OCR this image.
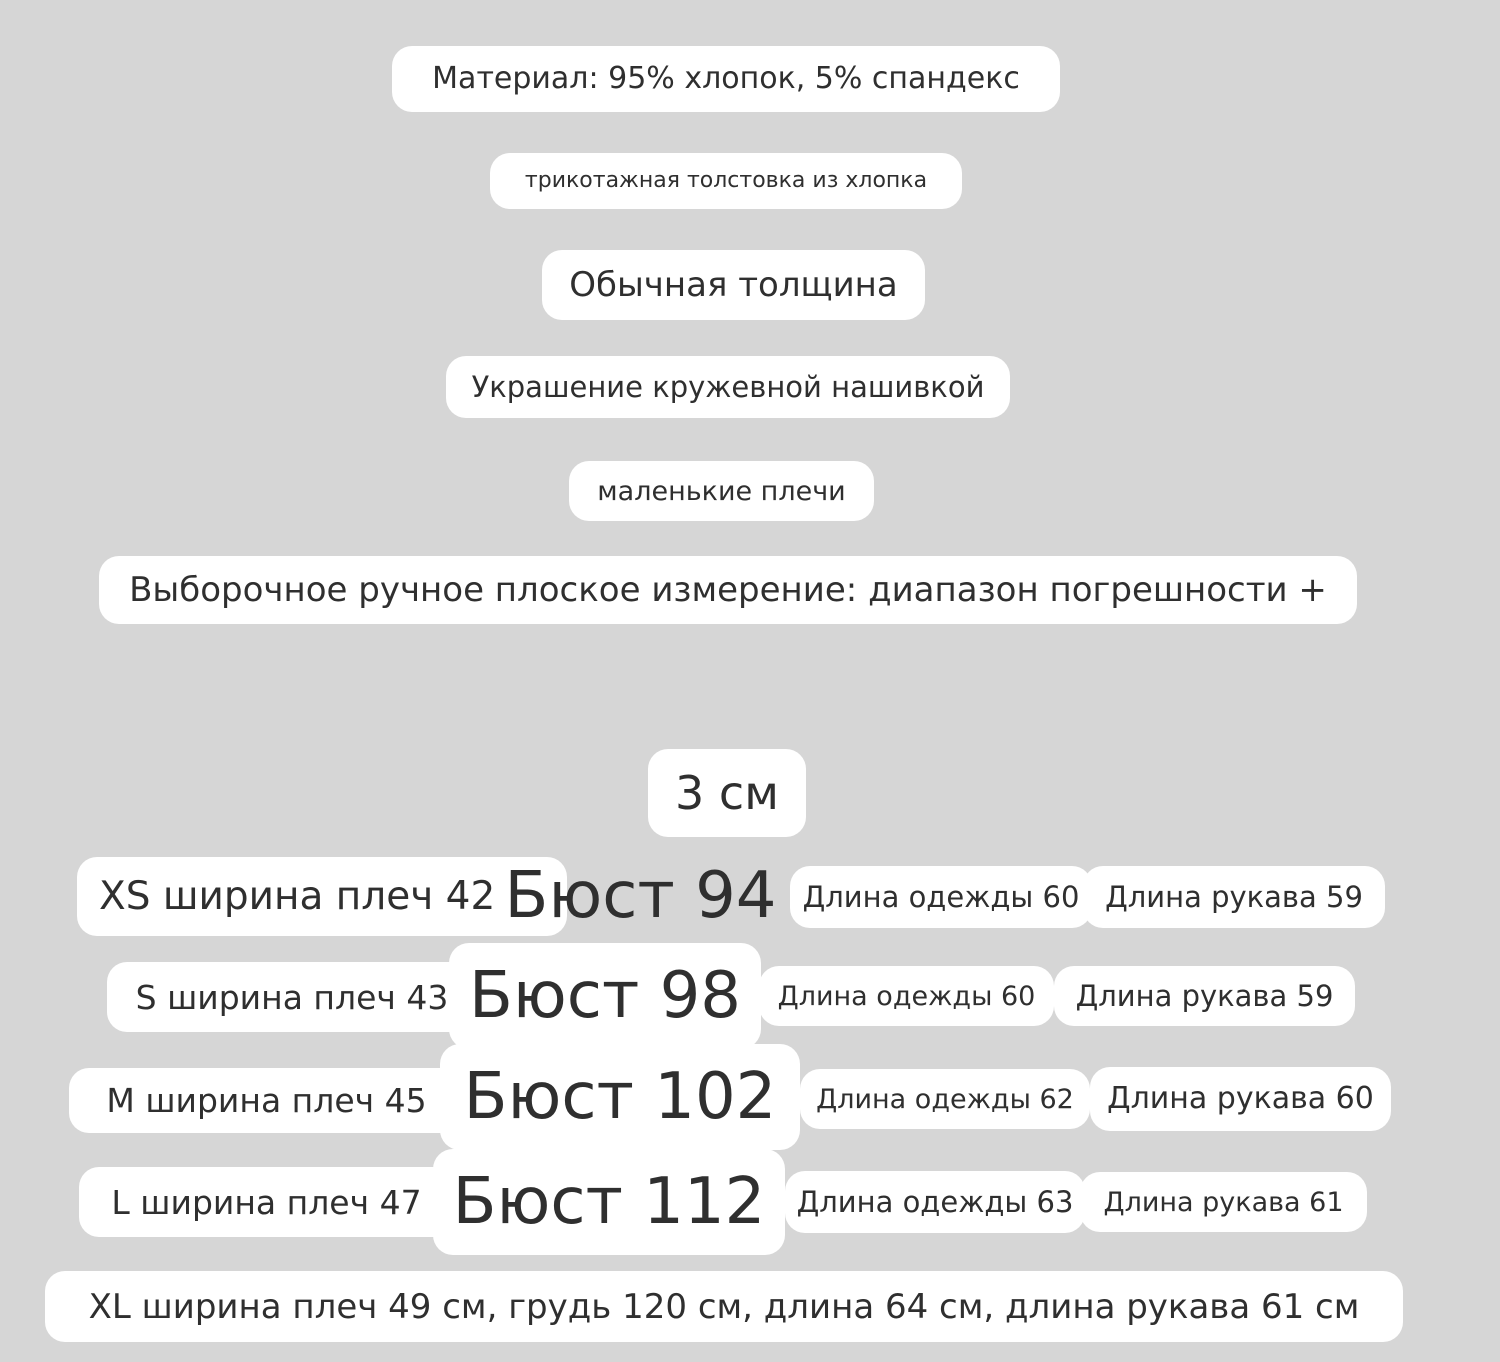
Материал: 95% хлопок, 5% спандекс
трикотажная толстовка из хлопка
Обычная толщина
Украшение кружевной нашивкой
маленькие плечи
Выборочное ручное плоское измерение: диапазон погрешности +
3 см
XS ширина плеч 42 Бюст 94 Длина одежды 60 Длина рукава 59
S ширина плеч 43 Бюст 98	Длина одежды 60	Длина рукава 59
M ширина плеч 45 Бюст 102	Длина одежды 62	Длина рукава 60
L ширина плеч 47 Бюст 112	Длина одежды 63	Длина рукава 61
XL ширина плеч 49 см, грудь 120 см, длина 64 см, длина рукава 61 см
